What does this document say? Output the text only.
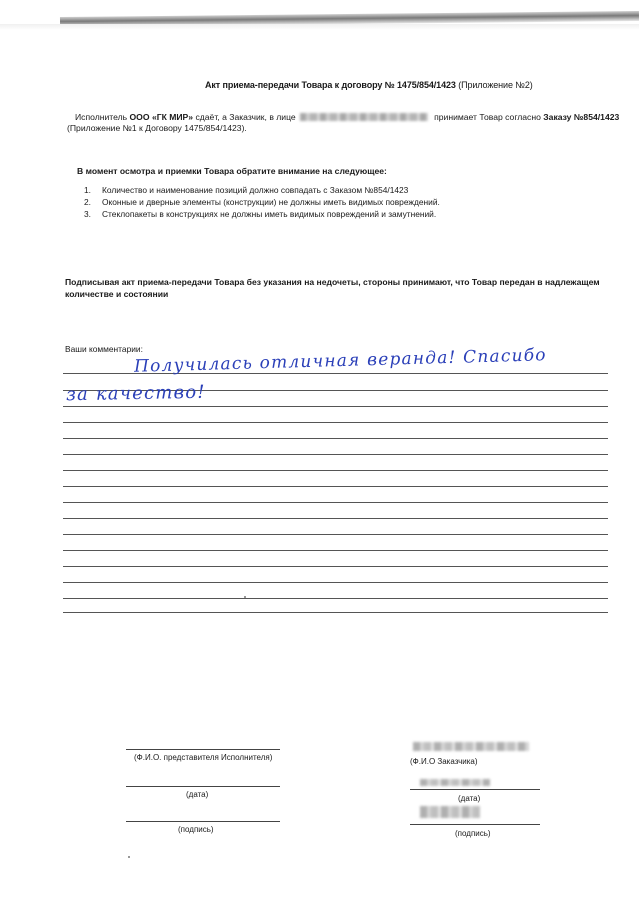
Акт приема-передачи Товара к договору № 1475/854/1423 (Приложение №2)
Исполнитель ООО «ГК МИР» сдаёт, а Заказчик, в лице	принимает Товар согласно Заказу №854/1423 (Приложение №1 к Договору 1475/854/1423).
В момент осмотра и приемки Товара обратите внимание на следующее:
1.	Количество и наименование позиций должно совпадать с Заказом №854/1423
2.	Оконные и дверные элементы (конструкции) не должны иметь видимых повреждений.
3.	Стеклопакеты в конструкциях не должны иметь видимых повреждений и замутнений.
Подписывая акт приема-передачи Товара без указания на недочеты, стороны принимают, что Товар передан в надлежащем количестве и состоянии
Ваши комментарии:
Получилась отличная веранда! Спасибо
за качество!
(Ф.И.О. представителя Исполнителя)
(дата)
(подпись)
(Ф.И.О Заказчика)
(дата)
(подпись)
